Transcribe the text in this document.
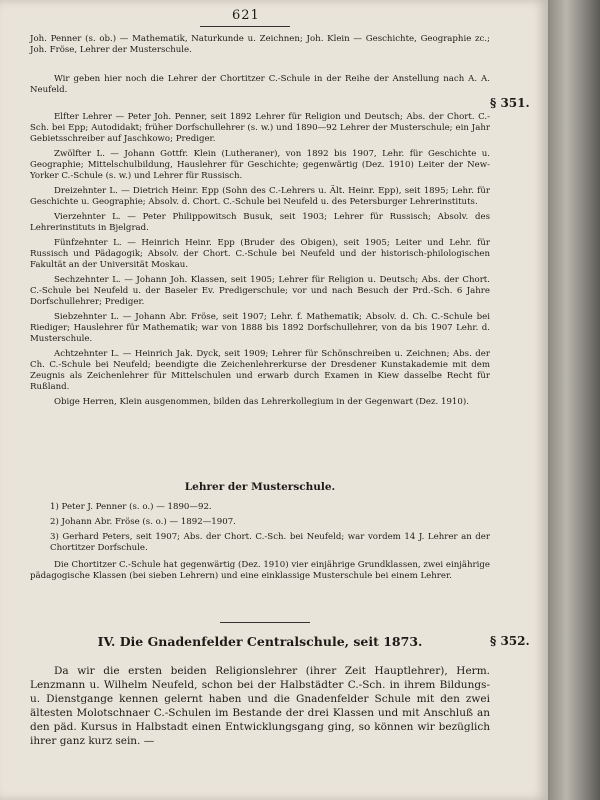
621

Joh. Penner (s. ob.) — Mathematik, Naturkunde u. Zeichnen; Joh. Klein — Geschichte, Geographie zc.; Joh. Fröse, Lehrer der Musterschule.

Wir geben hier noch die Lehrer der Chortitzer C.-Schule in der Reihe der Anstellung nach A. A. Neufeld.

§ 351.

Elfter Lehrer — Peter Joh. Penner, seit 1892 Lehrer für Religion und Deutsch; Abs. der Chort. C.-Sch. bei Epp; Autodidakt; früher Dorfschullehrer (s. w.) und 1890—92 Lehrer der Musterschule; ein Jahr Gebietsschreiber auf Jaschkowo; Prediger.

Zwölfter L. — Johann Gottfr. Klein (Lutheraner), von 1892 bis 1907, Lehr. für Geschichte u. Geographie; Mittelschulbildung, Hauslehrer für Geschichte; gegenwärtig (Dez. 1910) Leiter der New-Yorker C.-Schule (s. w.) und Lehrer für Russisch.

Dreizehnter L. — Dietrich Heinr. Epp (Sohn des C.-Lehrers u. Ält. Heinr. Epp), seit 1895; Lehr. für Geschichte u. Geographie; Absolv. d. Chort. C.-Schule bei Neufeld u. des Petersburger Lehrerinstituts.

Vierzehnter L. — Peter Philippowitsch Busuk, seit 1903; Lehrer für Russisch; Absolv. des Lehrerinstituts in Bjelgrad.

Fünfzehnter L. — Heinrich Heinr. Epp (Bruder des Obigen), seit 1905; Leiter und Lehr. für Russisch und Pädagogik; Absolv. der Chort. C.-Schule bei Neufeld und der historisch-philologischen Fakultät an der Universität Moskau.

Sechzehnter L. — Johann Joh. Klassen, seit 1905; Lehrer für Religion u. Deutsch; Abs. der Chort. C.-Schule bei Neufeld u. der Baseler Ev. Predigerschule; vor und nach Besuch der Prd.-Sch. 6 Jahre Dorfschullehrer; Prediger.

Siebzehnter L. — Johann Abr. Fröse, seit 1907; Lehr. f. Mathematik; Absolv. d. Ch. C.-Schule bei Riediger; Hauslehrer für Mathematik; war von 1888 bis 1892 Dorfschullehrer, von da bis 1907 Lehr. d. Musterschule.

Achtzehnter L. — Heinrich Jak. Dyck, seit 1909; Lehrer für Schönschreiben u. Zeichnen; Abs. der Ch. C.-Schule bei Neufeld; beendigte die Zeichenlehrerkurse der Dresdener Kunstakademie mit dem Zeugnis als Zeichenlehrer für Mittelschulen und erwarb durch Examen in Kiew dasselbe Recht für Rußland.

Obige Herren, Klein ausgenommen, bilden das Lehrerkollegium in der Gegenwart (Dez. 1910).

Lehrer der Musterschule.

1) Peter J. Penner (s. o.) — 1890—92.

2) Johann Abr. Fröse (s. o.) — 1892—1907.

3) Gerhard Peters, seit 1907; Abs. der Chort. C.-Sch. bei Neufeld; war vordem 14 J. Lehrer an der Chortitzer Dorfschule.

Die Chortitzer C.-Schule hat gegenwärtig (Dez. 1910) vier einjährige Grundklassen, zwei einjährige pädagogische Klassen (bei sieben Lehrern) und eine einklassige Musterschule bei einem Lehrer.

IV. Die Gnadenfelder Centralschule, seit 1873.	§ 352.

Da wir die ersten beiden Religionslehrer (ihrer Zeit Hauptlehrer), Herm. Lenzmann u. Wilhelm Neufeld, schon bei der Halbstädter C.-Sch. in ihrem Bildungs- u. Dienstgange kennen gelernt haben und die Gnadenfelder Schule mit den zwei ältesten Molotschnaer C.-Schulen im Bestande der drei Klassen und mit Anschluß an den päd. Kursus in Halbstadt einen Entwicklungsgang ging, so können wir bezüglich ihrer ganz kurz sein. —
